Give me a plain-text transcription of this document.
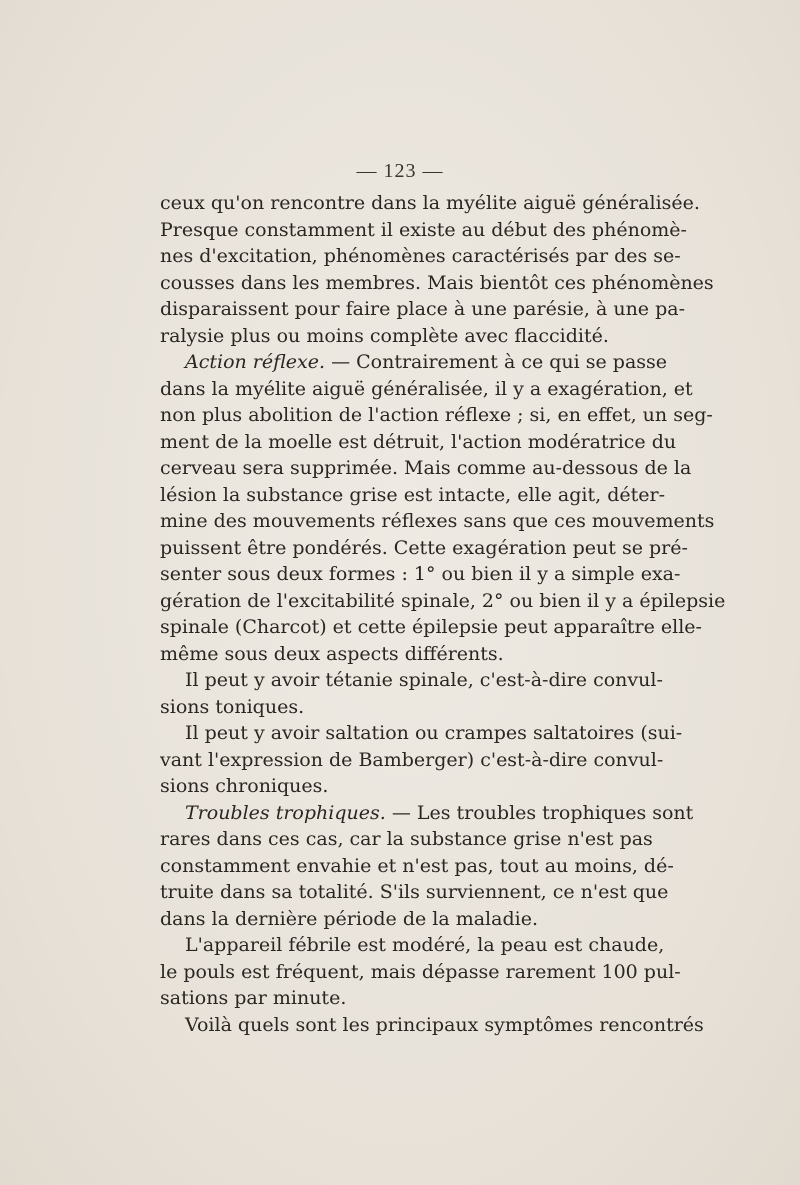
— 123 —
ceux qu'on rencontre dans la myélite aiguë généralisée.
Presque constamment il existe au début des phénomè-
nes d'excitation, phénomènes caractérisés par des se-
cousses dans les membres. Mais bientôt ces phénomènes
disparaissent pour faire place à une parésie, à une pa-
ralysie plus ou moins complète avec flaccidité.
Action réflexe. — Contrairement à ce qui se passe
dans la myélite aiguë généralisée, il y a exagération, et
non plus abolition de l'action réflexe ; si, en effet, un seg-
ment de la moelle est détruit, l'action modératrice du
cerveau sera supprimée. Mais comme au-dessous de la
lésion la substance grise est intacte, elle agit, déter-
mine des mouvements réflexes sans que ces mouvements
puissent être pondérés. Cette exagération peut se pré-
senter sous deux formes : 1° ou bien il y a simple exa-
gération de l'excitabilité spinale, 2° ou bien il y a épilepsie
spinale (Charcot) et cette épilepsie peut apparaître elle-
même sous deux aspects différents.
Il peut y avoir tétanie spinale, c'est-à-dire convul-
sions toniques.
Il peut y avoir saltation ou crampes saltatoires (sui-
vant l'expression de Bamberger) c'est-à-dire convul-
sions chroniques.
Troubles trophiques. — Les troubles trophiques sont
rares dans ces cas, car la substance grise n'est pas
constamment envahie et n'est pas, tout au moins, dé-
truite dans sa totalité. S'ils surviennent, ce n'est que
dans la dernière période de la maladie.
L'appareil fébrile est modéré, la peau est chaude,
le pouls est fréquent, mais dépasse rarement 100 pul-
sations par minute.
Voilà quels sont les principaux symptômes rencontrés
